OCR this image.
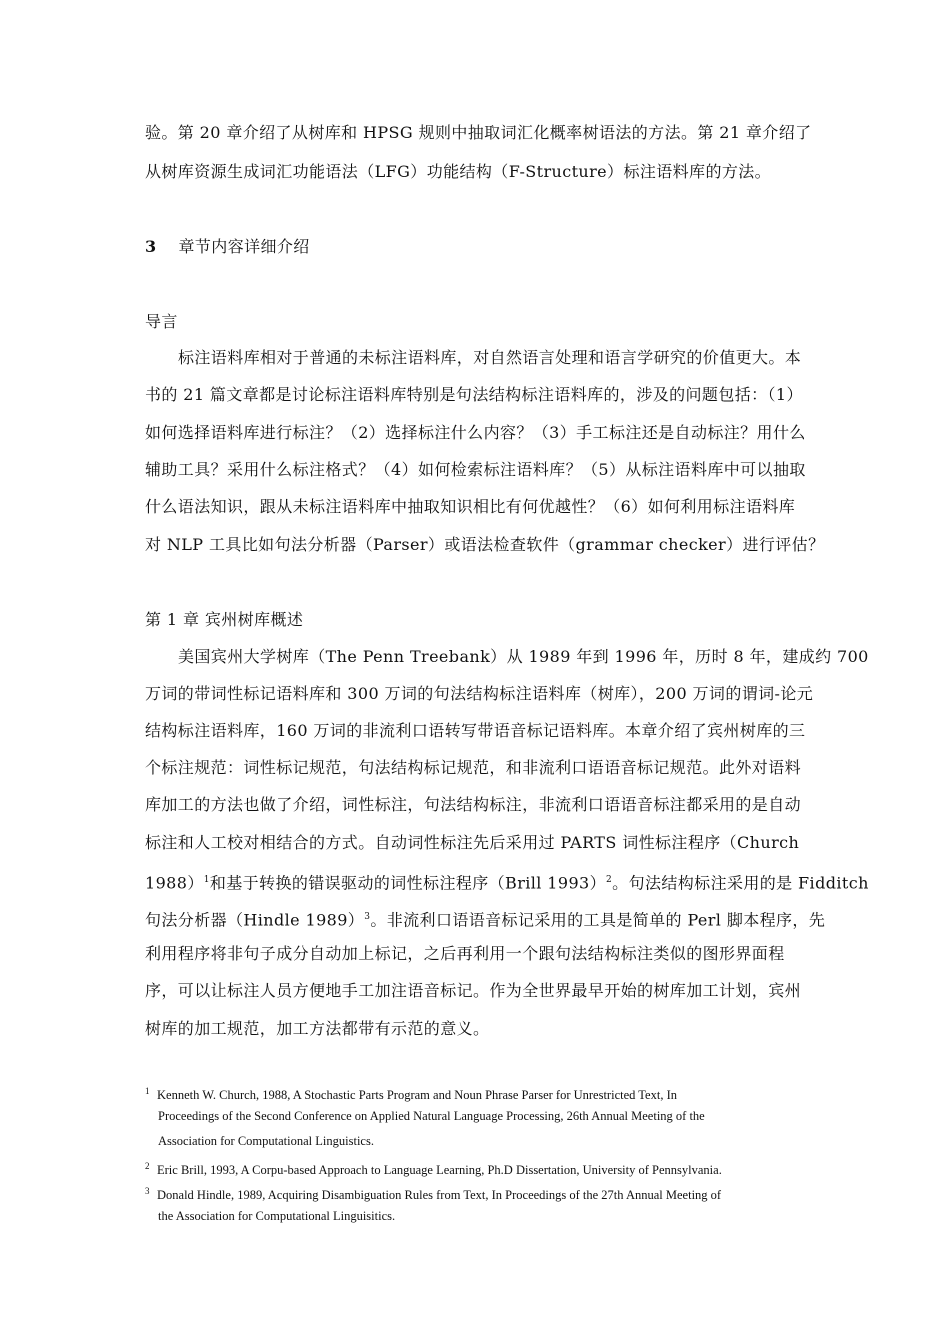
验。第 20 章介绍了从树库和 HPSG 规则中抽取词汇化概率树语法的方法。第 21 章介绍了
从树库资源生成词汇功能语法（LFG）功能结构（F-Structure）标注语料库的方法。
3 章节内容详细介绍
导言
标注语料库相对于普通的未标注语料库，对自然语言处理和语言学研究的价值更大。本
书的 21 篇文章都是讨论标注语料库特别是句法结构标注语料库的，涉及的问题包括：（1）
如何选择语料库进行标注？（2）选择标注什么内容？（3）手工标注还是自动标注？用什么
辅助工具？采用什么标注格式？（4）如何检索标注语料库？（5）从标注语料库中可以抽取
什么语法知识，跟从未标注语料库中抽取知识相比有何优越性？（6）如何利用标注语料库
对 NLP 工具比如句法分析器（Parser）或语法检查软件（grammar checker）进行评估？
第 1 章 宾州树库概述
美国宾州大学树库（The Penn Treebank）从 1989 年到 1996 年，历时 8 年，建成约 700
万词的带词性标记语料库和 300 万词的句法结构标注语料库（树库），200 万词的谓词-论元
结构标注语料库，160 万词的非流利口语转写带语音标记语料库。本章介绍了宾州树库的三
个标注规范：词性标记规范，句法结构标记规范，和非流利口语语音标记规范。此外对语料
库加工的方法也做了介绍，词性标注，句法结构标注，非流利口语语音标注都采用的是自动
标注和人工校对相结合的方式。自动词性标注先后采用过 PARTS 词性标注程序（Church
1988）$^1$和基于转换的错误驱动的词性标注程序（Brill 1993）$^2$。句法结构标注采用的是 Fidditch
句法分析器（Hindle 1989）$^3$。非流利口语语音标记采用的工具是简单的 Perl 脚本程序，先
利用程序将非句子成分自动加上标记，之后再利用一个跟句法结构标注类似的图形界面程
序，可以让标注人员方便地手工加注语音标记。作为全世界最早开始的树库加工计划，宾州
树库的加工规范，加工方法都带有示范的意义。
1 Kenneth W. Church, 1988, A Stochastic Parts Program and Noun Phrase Parser for Unrestricted Text, In
Proceedings of the Second Conference on Applied Natural Language Processing, 26th Annual Meeting of the
Association for Computational Linguistics.
2 Eric Brill, 1993, A Corpu-based Approach to Language Learning, Ph.D Dissertation, University of Pennsylvania.
3 Donald Hindle, 1989, Acquiring Disambiguation Rules from Text, In Proceedings of the 27th Annual Meeting of
the Association for Computational Linguisitics.
